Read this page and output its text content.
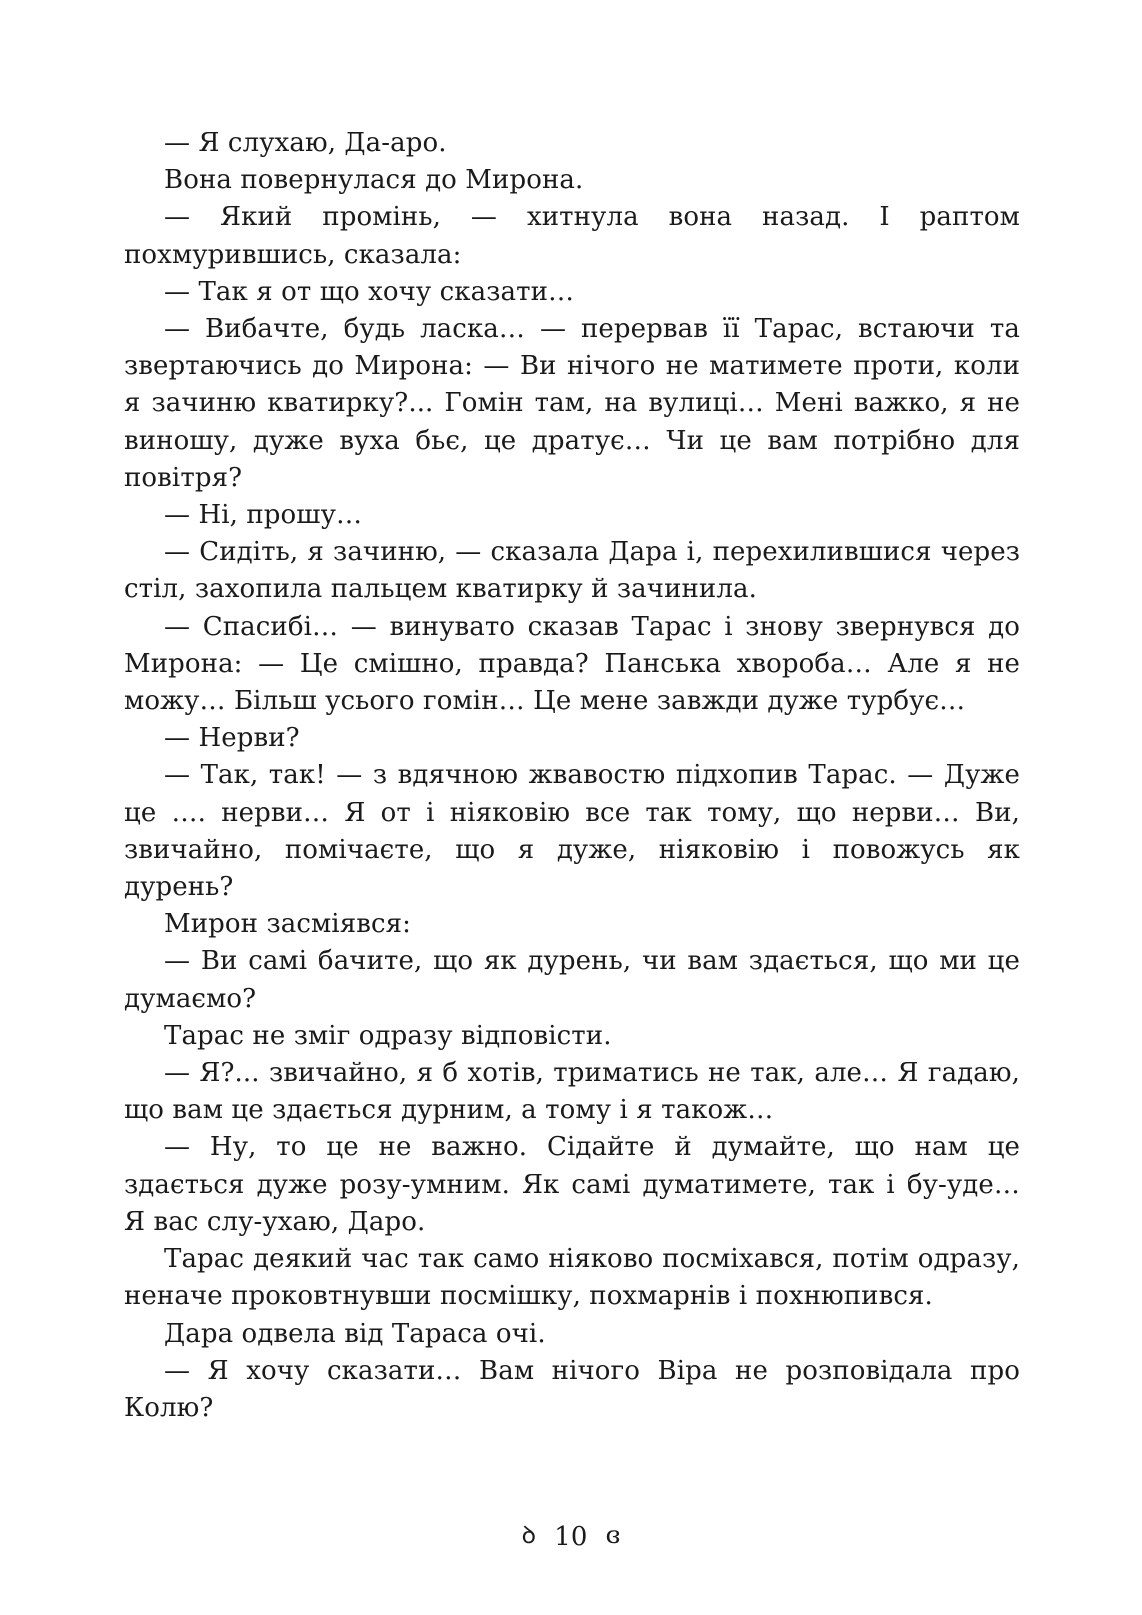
— Я слухаю, Да-аро.

Вона повернулася до Мирона.

— Який промінь, — хитнула вона назад. І раптом похмурившись, сказала:

— Так я от що хочу сказати…

— Вибачте, будь ласка… — перервав її Тарас, встаючи та звертаючись до Мирона: — Ви нічого не матимете проти, коли я зачиню кватирку?... Гомін там, на вулиці… Мені важко, я не виношу, дуже вуха бьє, це дратує… Чи це вам потрібно для повітря?

— Ні, прошу…

— Сидіть, я зачиню, — сказала Дара і, перехилившися через стіл, захопила пальцем кватирку й зачинила.

— Спасибі… — винувато сказав Тарас і знову звернувся до Мирона: — Це смішно, правда? Панська хвороба… Але я не можу… Більш усього гомін… Це мене завжди дуже турбує…

— Нерви?

— Так, так! — з вдячною жвавостю підхопив Тарас. — Дуже це …. нерви… Я от і ніяковію все так тому, що нерви… Ви, звичайно, помічаєте, що я дуже, ніяковію і повожусь як дурень?

Мирон засміявся:

— Ви самі бачите, що як дурень, чи вам здається, що ми це думаємо?

Тарас не зміг одразу відповісти.

— Я?... звичайно, я б хотів, триматись не так, але… Я гадаю, що вам це здається дурним, а тому і я також…

— Ну, то це не важно. Сідайте й думайте, що нам це здається дуже розу-умним. Як самі думатимете, так і бу-уде… Я вас слу-ухаю, Даро.

Тарас деякий час так само ніяково посміхався, потім одразу, неначе проковтнувши посмішку, похмарнів і похнюпився.

Дара одвела від Тараса очі.

— Я хочу сказати… Вам нічого Віра не розповідала про Колю?

ꝺ 10 ɞ
